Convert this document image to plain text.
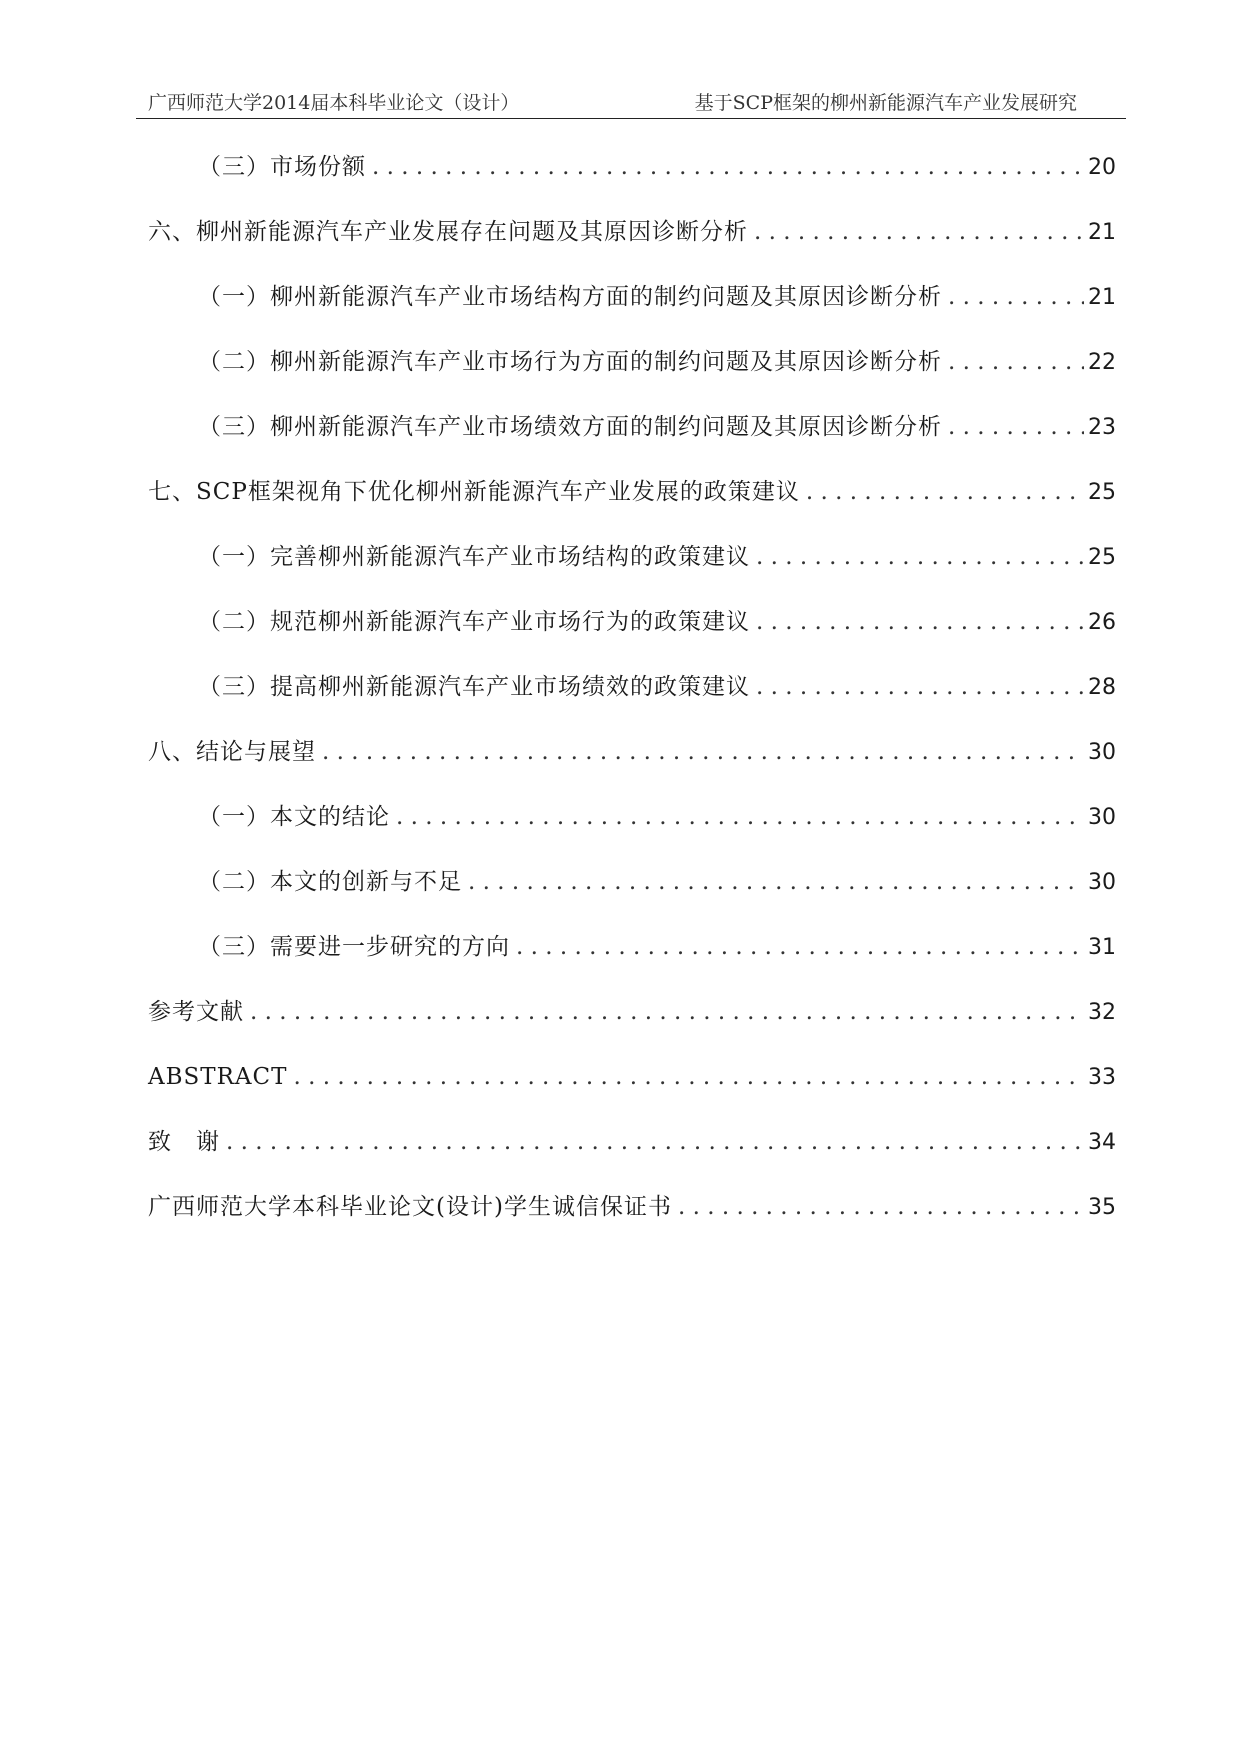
广西师范大学2014届本科毕业论文（设计）	基于SCP框架的柳州新能源汽车产业发展研究
（三）市场份额 . . .	20
六、柳州新能源汽车产业发展存在问题及其原因诊断分析 . . .	21
（一）柳州新能源汽车产业市场结构方面的制约问题及其原因诊断分析 . . .	21
（二）柳州新能源汽车产业市场行为方面的制约问题及其原因诊断分析 . . .	22
（三）柳州新能源汽车产业市场绩效方面的制约问题及其原因诊断分析 . . .	23
七、SCP框架视角下优化柳州新能源汽车产业发展的政策建议 . . .	25
（一）完善柳州新能源汽车产业市场结构的政策建议 . . .	25
（二）规范柳州新能源汽车产业市场行为的政策建议 . . .	26
（三）提高柳州新能源汽车产业市场绩效的政策建议 . . .	28
八、结论与展望 . . .	30
（一）本文的结论 . . .	30
（二）本文的创新与不足 . . .	30
（三）需要进一步研究的方向 . . .	31
参考文献 . . .	32
ABSTRACT . . .	33
致　谢 . . .	34
广西师范大学本科毕业论文(设计)学生诚信保证书 . . .	35
